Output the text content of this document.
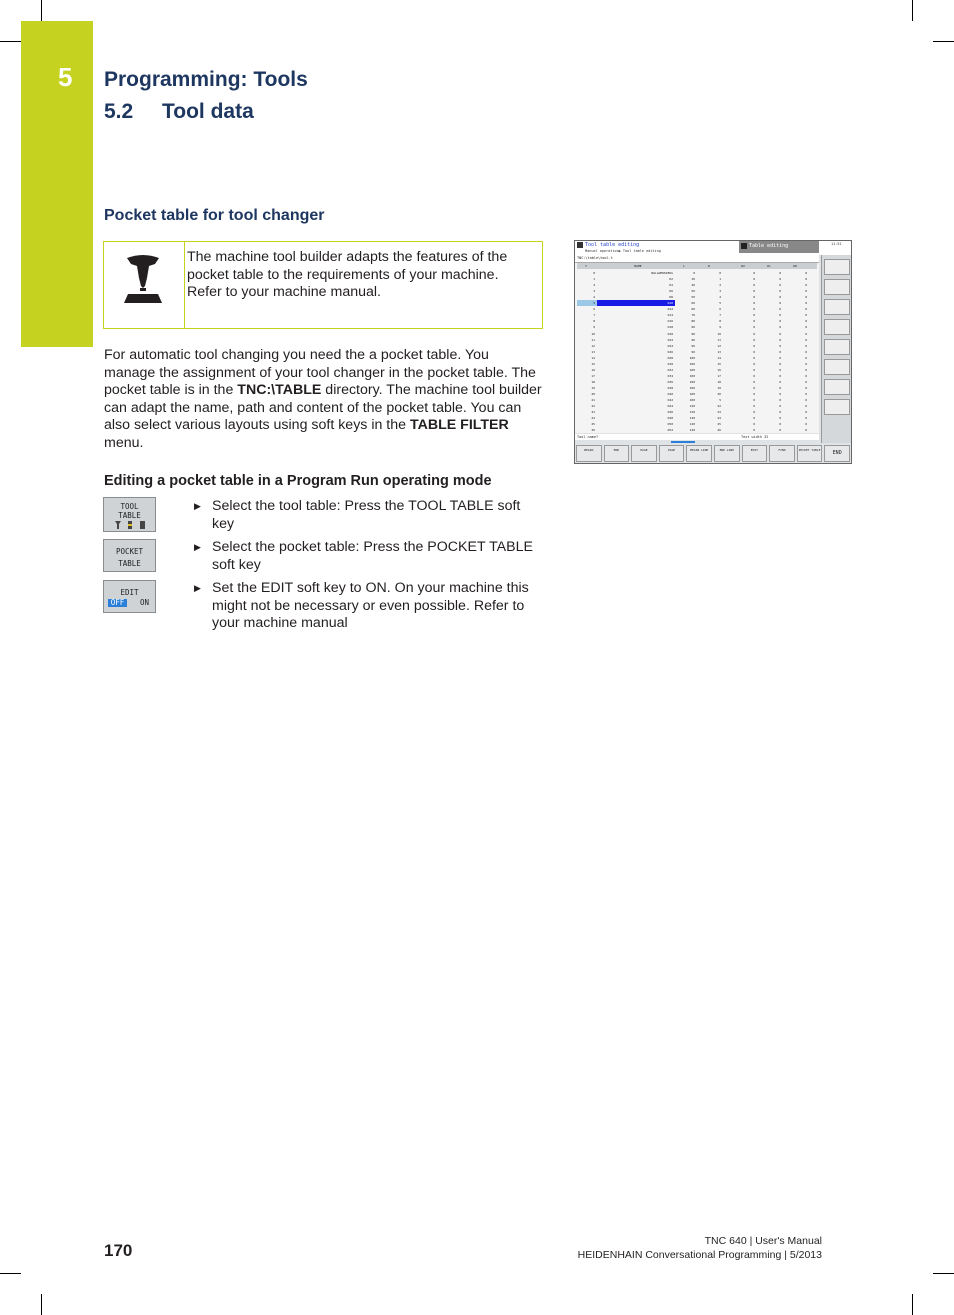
5 Programming: Tools
5.2 Tool data
Pocket table for tool changer
The machine tool builder adapts the features of the pocket table to the requirements of your machine. Refer to your machine manual.
For automatic tool changing you need the a pocket table. You manage the assignment of your tool changer in the pocket table. The pocket table is in the TNC:\TABLE directory. The machine tool builder can adapt the name, path and content of the pocket table. You can also select various layouts using soft keys in the TABLE FILTER menu.
Editing a pocket table in a Program Run operating mode
TOOL
TABLE
POCKET
TABLE
EDIT
OFF	ON
▶ Select the tool table: Press the TOOL TABLE soft key
▶ Select the pocket table: Press the POCKET TABLE soft key
▶ Set the EDIT soft key to ON. On your machine this might not be necessary or even possible. Refer to your machine manual
Tool table editing
Manual operation▶ Tool table editing
Table editing	11:51
TNC:\table\tool.t
T	NAME	L	R	R2	DL	DR
0	NULLWERKZEUG	0	0	0	0	0
1	D2	30	1	0	0	0
2	D4	40	2	0	0	0
3	D6	50	3	0	0	0
4	D8	50	4	0	0	0
5	D10	60	5	0	0	0
6	D12	60	6	0	0	0
7	D14	70	7	0	0	0
8	D16	80	8	0	0	0
9	D18	90	9	0	0	0
10	D20	90	10	0	0	0
11	D22	90	11	0	0	0
12	D24	90	12	0	0	0
13	D26	90	13	0	0	0
14	D28	100	14	0	0	0
15	D30	100	15	0	0	0
16	D32	100	16	0	0	0
17	D34	100	17	0	0	0
18	D36	100	18	0	0	0
19	D38	100	19	0	0	0
20	D40	100	20	0	0	0
21	D42	100	5	0	0	0
22	D44	120	22	0	0	0
23	D46	120	23	0	0	0
24	D48	120	24	0	0	0
25	D50	120	25	0	0	0
26	D52	120	26	0	0	0
Tool name?	Text width 32
BEGIN	END	PAGE	PAGE	BEGIN LINE	END LINE	EDIT	FIND	POCKET TABLE	END
170	TNC 640 | User's Manual
HEIDENHAIN Conversational Programming | 5/2013
